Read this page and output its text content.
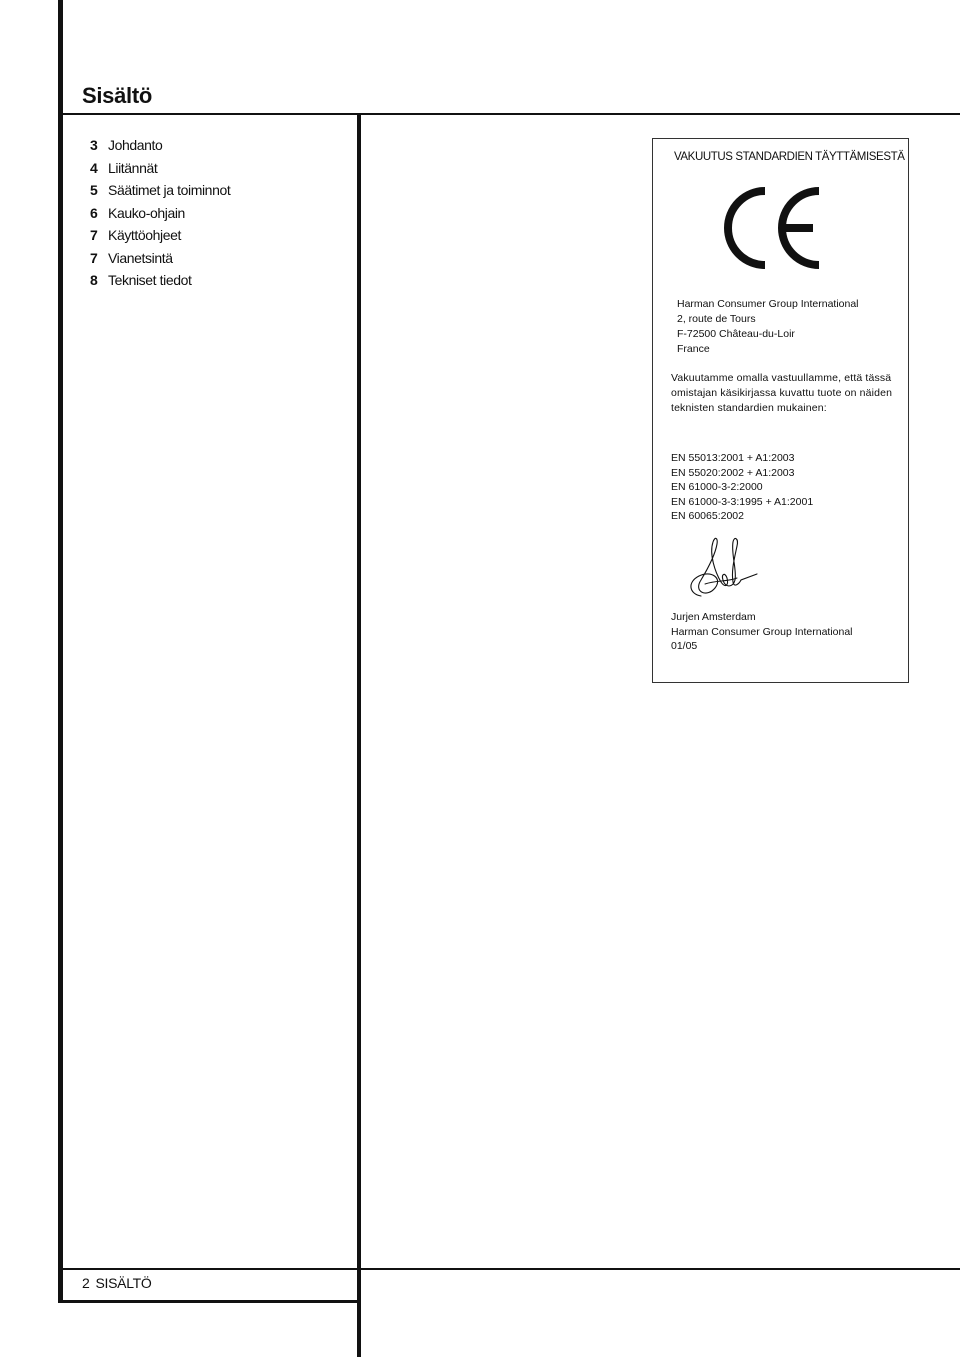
Sisältö
3 Johdanto
4 Liitännät
5 Säätimet ja toiminnot
6 Kauko-ohjain
7 Käyttöohjeet
7 Vianetsintä
8 Tekniset tiedot
VAKUUTUS STANDARDIEN TÄYTTÄMISESTÄ
Harman Consumer Group International
2, route de Tours
F-72500 Château-du-Loir
France

Vakuutamme omalla vastuullamme, että tässä omistajan käsikirjassa kuvattu tuote on näiden teknisten standardien mukainen:

EN 55013:2001 + A1:2003
EN 55020:2002 + A1:2003
EN 61000-3-2:2000
EN 61000-3-3:1995 + A1:2001
EN 60065:2002
Jurjen Amsterdam
Harman Consumer Group International
01/05
2 SISÄLTÖ
